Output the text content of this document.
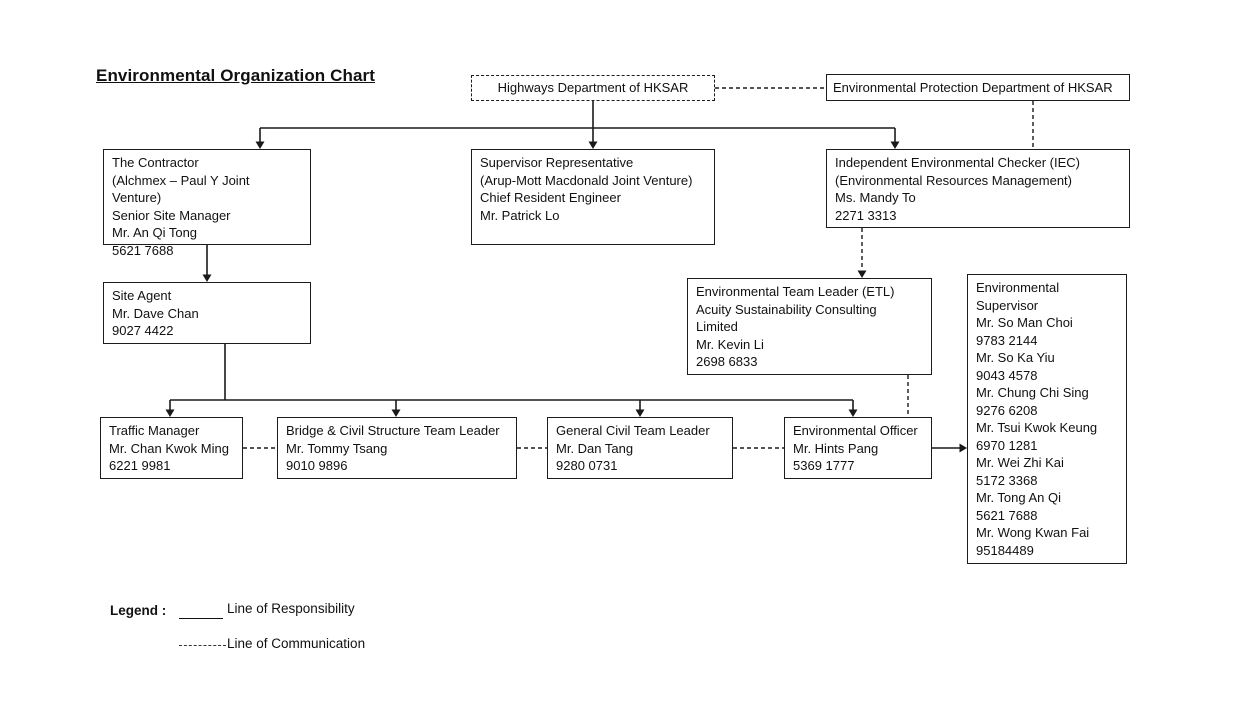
Environmental Organization Chart
Highways Department of HKSAR	Environmental Protection Department of HKSAR
The Contractor
(Alchmex – Paul Y Joint Venture)
Senior Site Manager
Mr. An Qi Tong
5621 7688
Supervisor Representative
(Arup-Mott Macdonald Joint Venture)
Chief Resident Engineer
Mr. Patrick Lo
Independent Environmental Checker (IEC)
(Environmental Resources Management)
Ms. Mandy To
2271 3313
Site Agent
Mr. Dave Chan
9027 4422
Environmental Team Leader (ETL)
Acuity Sustainability Consulting
Limited
Mr. Kevin Li
2698 6833
Environmental
Supervisor
Mr. So Man Choi
9783 2144
Mr. So Ka Yiu
9043 4578
Mr. Chung Chi Sing
9276 6208
Mr. Tsui Kwok Keung
6970 1281
Mr. Wei Zhi Kai
5172 3368
Mr. Tong An Qi
5621 7688
Mr. Wong Kwan Fai
95184489
Traffic Manager
Mr. Chan Kwok Ming
6221 9981
Bridge & Civil Structure Team Leader
Mr. Tommy Tsang
9010 9896
General Civil Team Leader
Mr. Dan Tang
9280 0731
Environmental Officer
Mr. Hints Pang
5369 1777
Legend :	Line of Responsibility
Line of Communication
